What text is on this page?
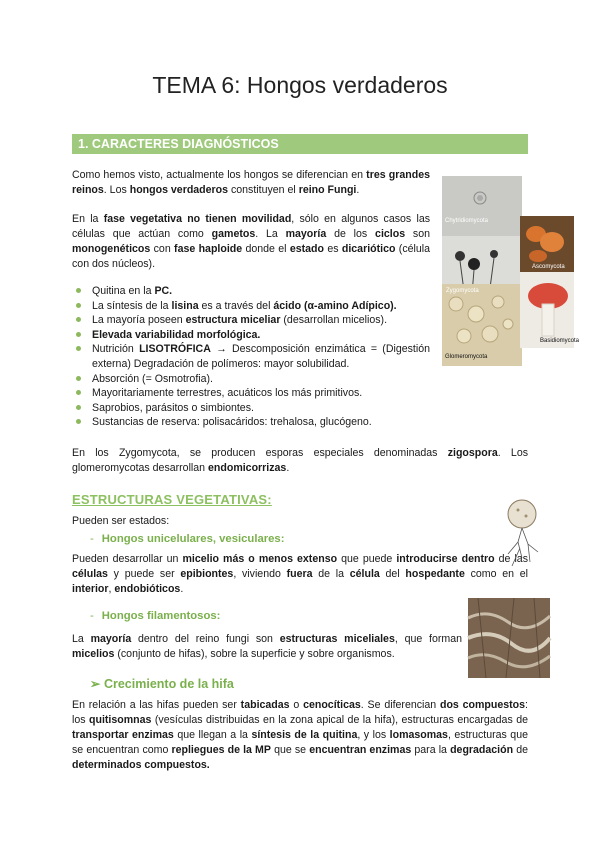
TEMA 6: Hongos verdaderos
1. CARACTERES DIAGNÓSTICOS
Como hemos visto, actualmente los hongos se diferencian en tres grandes reinos. Los hongos verdaderos constituyen el reino Fungi.
En la fase vegetativa no tienen movilidad, sólo en algunos casos las células que actúan como gametos. La mayoría de los ciclos son monogenéticos con fase haploide donde el estado es dicariótico (célula con dos núcleos).
Quitina en la PC.
La síntesis de la lisina es a través del ácido (α-amino Adípico).
La mayoría poseen estructura miceliar (desarrollan micelios).
Elevada variabilidad morfológica.
Nutrición LISOTRÓFICA → Descomposición enzimática = (Digestión externa) Degradación de polímeros: mayor solubilidad.
Absorción (= Osmotrofia).
Mayoritariamente terrestres, acuáticos los más primitivos.
Saprobios, parásitos o simbiontes.
Sustancias de reserva: polisacáridos: trehalosa, glucógeno.
Chytridiomycota
Ascomycota
Zygomycota
Basidiomycota
Glomeromycota
En los Zygomycota, se producen esporas especiales denominadas zigospora. Los glomeromycotas desarrollan endomicorrizas.
ESTRUCTURAS VEGETATIVAS:
Pueden ser estados:
- Hongos unicelulares, vesiculares:
Pueden desarrollar un micelio más o menos extenso que puede introducirse dentro de las células y puede ser epibiontes, viviendo fuera de la célula del hospedante como en el interior, endobióticos.
- Hongos filamentosos:
La mayoría dentro del reino fungi son estructuras miceliales, que forman micelios (conjunto de hifas), sobre la superficie y sobre organismos.
➢ Crecimiento de la hifa
En relación a las hifas pueden ser tabicadas o cenocíticas. Se diferencian dos compuestos: los quitisomnas (vesículas distribuidas en la zona apical de la hifa), estructuras encargadas de transportar enzimas que llegan a la síntesis de la quitina, y los lomasomas, estructuras que se encuentran como repliegues de la MP que se encuentran enzimas para la degradación de determinados compuestos.
